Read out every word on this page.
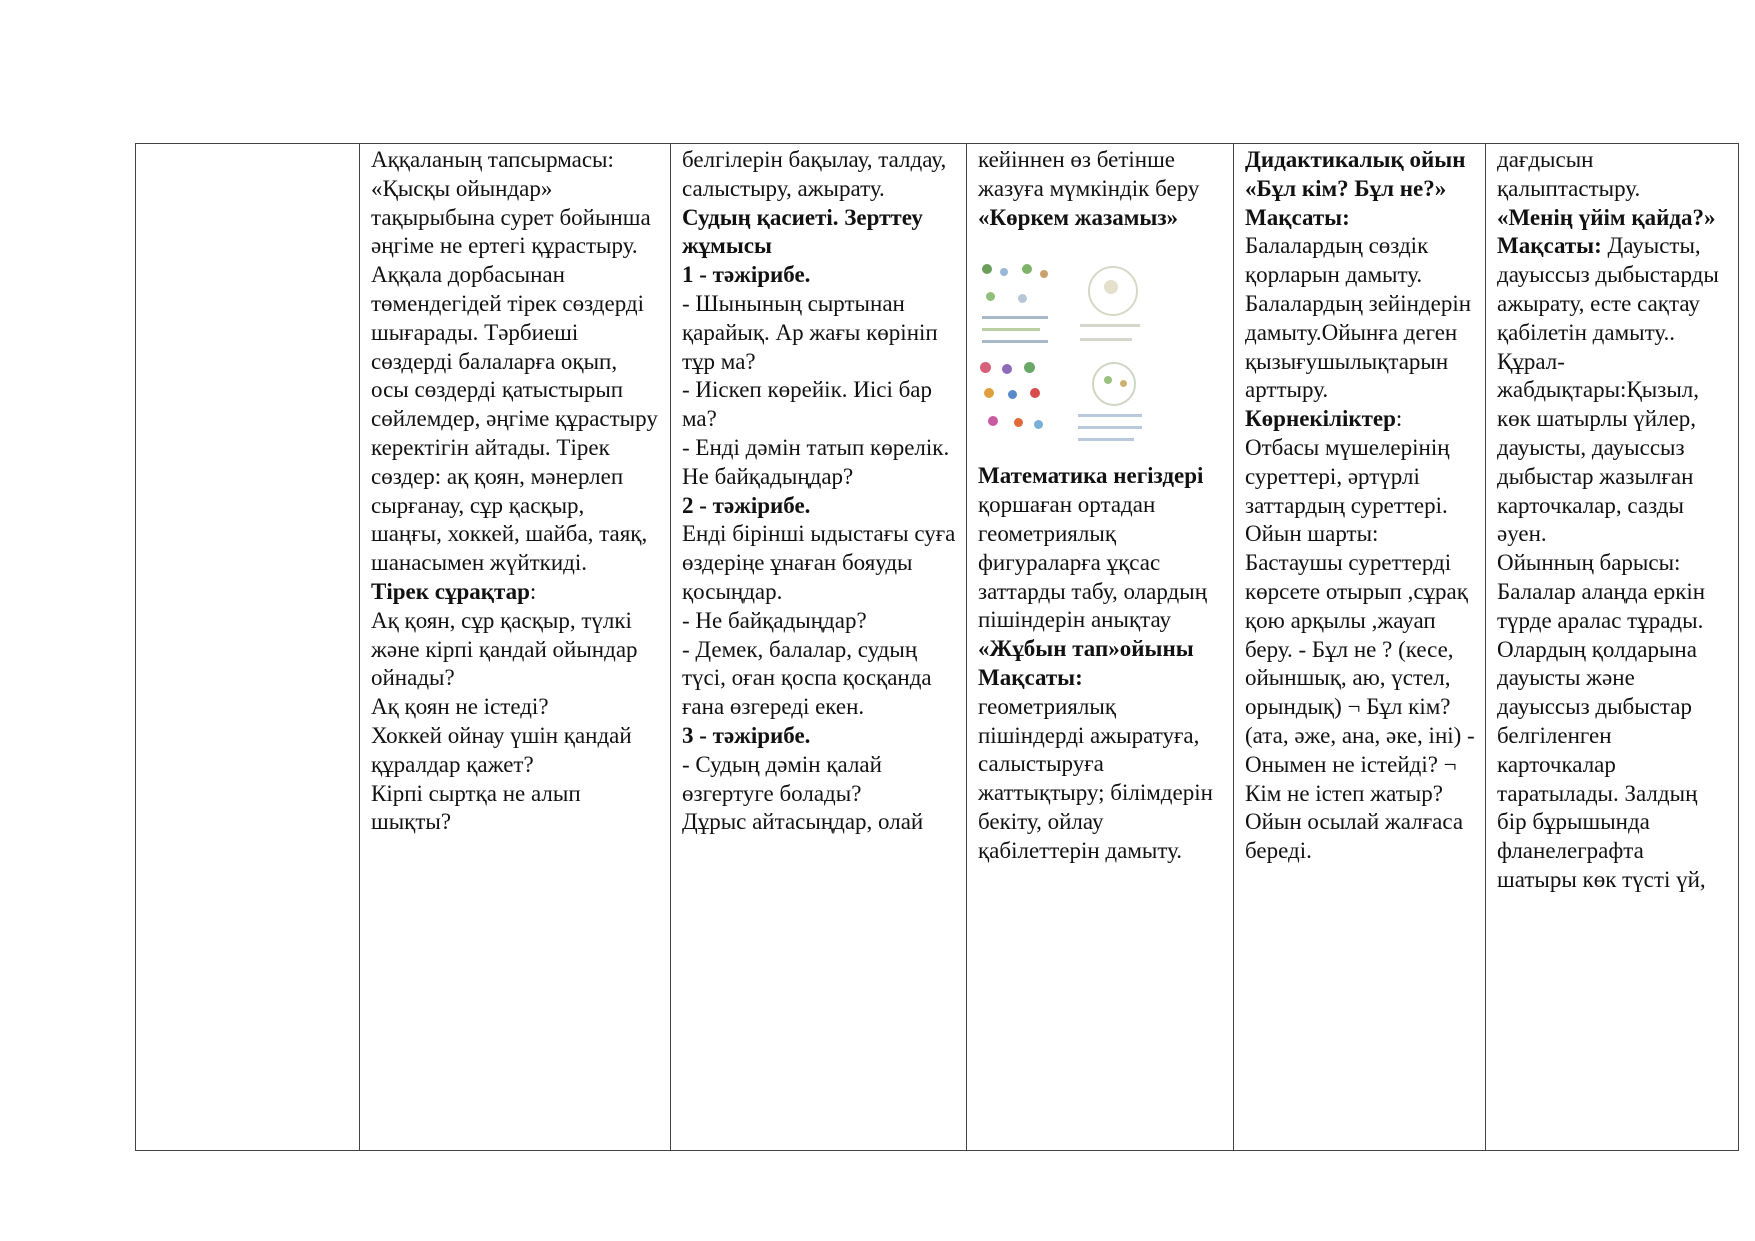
Аққаланың тапсырмасы: «Қысқы ойындар» тақырыбына сурет бойынша әңгіме не ертегі құрастыру. Аққала дорбасынан төмендегідей тірек сөздерді шығарады. Тәрбиеші сөздерді балаларға оқып, осы сөздерді қатыстырып сөйлемдер, әңгіме құрастыру керектігін айтады. Тірек сөздер: ақ қоян, мәнерлеп сырғанау, сұр қасқыр, шаңғы, хоккей, шайба, таяқ, шанасымен жүйткиді.
Тірек сұрақтар:
Ақ қоян, сұр қасқыр, түлкі және кірпі қандай ойындар ойнады?
Ақ қоян не істеді?
Хоккей ойнау үшін қандай құралдар қажет?
Кірпі сыртқа не алып шықты?

белгілерін бақылау, талдау, салыстыру, ажырату.
Судың қасиеті. Зерттеу жұмысы
1 - тәжірибе.
- Шынының сыртынан қарайық. Ар жағы көрініп тұр ма?
- Иіскеп көрейік. Иісі бар ма?
- Енді дәмін татып көрелік. Не байқадыңдар?
2 - тәжірибе.
Енді бірінші ыдыстағы суға өздеріңе ұнаған бояуды қосыңдар.
- Не байқадыңдар?
- Демек, балалар, судың түсі, оған қоспа қосқанда ғана өзгереді екен.
3 - тәжірибе.
- Судың дәмін қалай өзгертуге болады?
Дұрыс айтасыңдар, олай

кейіннен өз бетінше жазуға мүмкіндік беру
«Көркем жазамыз»
Математика негіздері
қоршаған ортадан геометриялық фигураларға ұқсас заттарды табу, олардың пішіндерін анықтау
«Жұбын тап»ойыны
Мақсаты:
геометриялық пішіндерді ажыратуға, салыстыруға жаттықтыру; білімдерін бекіту, ойлау қабілеттерін дамыту.

Дидактикалық ойын «Бұл кім? Бұл не?»
Мақсаты:
Балалардың сөздік қорларын дамыту. Балалардың зейіндерін дамыту.Ойынға деген қызығушылықтарын арттыру.
Көрнекіліктер:
Отбасы мүшелерінің суреттері, әртүрлі заттардың суреттері.
Ойын шарты:
Бастаушы суреттерді көрсете отырып ,сұрақ қою арқылы ,жауап беру. - Бұл не ? (кесе, ойыншық, аю, үстел, орындық) ¬ Бұл кім? (ата, әже, ана, әке, іні) - Онымен не істейді? ¬ Кім не істеп жатыр? Ойын осылай жалғаса береді.

дағдысын қалыптастыру.
«Менің үйім қайда?»
Мақсаты: Дауысты, дауыссыз дыбыстарды ажырату, есте сақтау қабілетін дамыту..
Құрал-жабдықтары:Қызыл, көк шатырлы үйлер, дауысты, дауыссыз дыбыстар жазылған карточкалар, сазды әуен.
Ойынның барысы:
Балалар алаңда еркін түрде аралас тұрады. Олардың қолдарына дауысты және дауыссыз дыбыстар белгіленген карточкалар таратылады. Залдың бір бұрышында фланелеграфта шатыры көк түсті үй,
